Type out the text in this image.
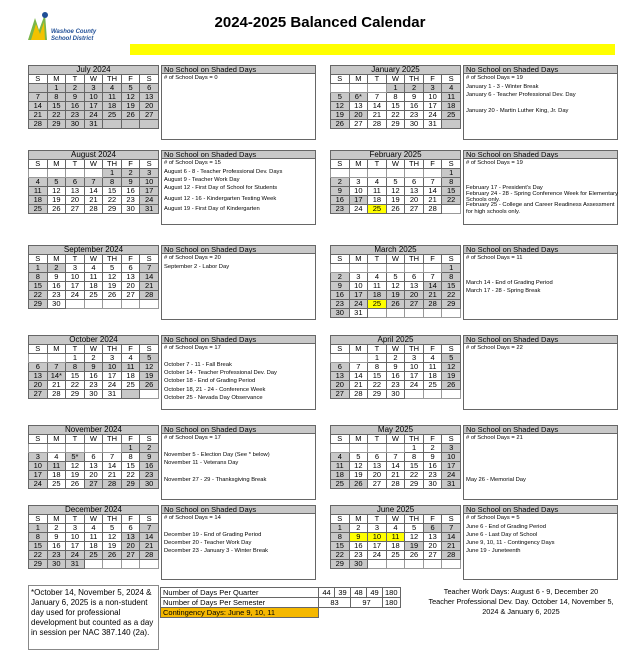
Washoe County
School District
2024-2025 Balanced Calendar
July 2024						
S	M	T	W	TH	F	S
	1	2	3	4	5	6
7	8	9	10	11	12	13
14	15	16	17	18	19	20
21	22	23	24	25	26	27
28	29	30	31			
No School on Shaded Days
# of School Days = 0
January 2025						
S	M	T	W	TH	F	S
			1	2	3	4
5	6*	7	8	9	10	11
12	13	14	15	16	17	18
19	20	21	22	23	24	25
26	27	28	29	30	31	
No School on Shaded Days
# of School Days = 19
January 1 - 3 - Winter Break
January 6 - Teacher Professional Dev. Day
January 20 - Martin Luther King, Jr. Day
August 2024						
S	M	T	W	TH	F	S
				1	2	3
4	5	6	7	8	9	10
11	12	13	14	15	16	17
18	19	20	21	22	23	24
25	26	27	28	29	30	31
No School on Shaded Days
# of School Days = 15
August 6 - 8 - Teacher Professional Dev. Days
August 9 - Teacher Work Day
August 12 - First Day of School for Students
August 12 - 16 - Kindergarten Testing Week
August 19 - First Day of Kindergarten
February 2025						
S	M	T	W	TH	F	S
						1
2	3	4	5	6	7	8
9	10	11	12	13	14	15
16	17	18	19	20	21	22
23	24	25	26	27	28	
No School on Shaded Days
# of School Days = 19
February 17 - President's Day
February 24 - 28 - Spring Conference Week for Elementary Schools only.
February 25 - College and Career Readiness Assessment for high schools only.
September 2024						
S	M	T	W	TH	F	S
1	2	3	4	5	6	7
8	9	10	11	12	13	14
15	16	17	18	19	20	21
22	23	24	25	26	27	28
29	30					
No School on Shaded Days
# of School Days = 20
September 2 - Labor Day
March 2025						
S	M	T	W	TH	F	S
						1
2	3	4	5	6	7	8
9	10	11	12	13	14	15
16	17	18	19	20	21	22
23	24	25	26	27	28	29
30	31					
No School on Shaded Days
# of School Days = 11
March 14 - End of Grading Period
March 17 - 28 - Spring Break
October 2024						
S	M	T	W	TH	F	S
		1	2	3	4	5
6	7	8	9	10	11	12
13	14*	15	16	17	18	19
20	21	22	23	24	25	26
27	28	29	30	31		
No School on Shaded Days
# of School Days = 17
October 7 - 11 - Fall Break
October 14 - Teacher Professional Dev. Day
October 18 - End of Grading Period
October 18, 21 - 24 - Conference Week
October 25 - Nevada Day Observance
April 2025						
S	M	T	W	TH	F	S
		1	2	3	4	5
6	7	8	9	10	11	12
13	14	15	16	17	18	19
20	21	22	23	24	25	26
27	28	29	30			
No School on Shaded Days
# of School Days = 22
November 2024						
S	M	T	W	TH	F	S
					1	2
3	4	5*	6	7	8	9
10	11	12	13	14	15	16
17	18	19	20	21	22	23
24	25	26	27	28	29	30
No School on Shaded Days
# of School Days = 17
November 5 - Election Day (See * below)
November 11 - Veterans Day
November 27 - 29 - Thanksgiving Break
May 2025						
S	M	T	W	TH	F	S
				1	2	3
4	5	6	7	8	9	10
11	12	13	14	15	16	17
18	19	20	21	22	23	24
25	26	27	28	29	30	31
No School on Shaded Days
# of School Days = 21
May 26 - Memorial Day
December 2024						
S	M	T	W	TH	F	S
1	2	3	4	5	6	7
8	9	10	11	12	13	14
15	16	17	18	19	20	21
22	23	24	25	26	27	28
29	30	31				
No School on Shaded Days
# of School Days = 14
December 19 - End of Grading Period
December 20 - Teacher Work Day
December 23 - January 3 - Winter Break
June 2025						
S	M	T	W	TH	F	S
1	2	3	4	5	6	7
8	9	10	11	12	13	14
15	16	17	18	19	20	21
22	23	24	25	26	27	28
29	30					
No School on Shaded Days
# of School Days = 5
June 6 - End of Grading Period
June 6 - Last Day of School
June 9, 10, 11 - Contingency Days
June 19 - Juneteenth
*October 14, November 5, 2024 & January 6, 2025 is a non-student day used for professional development but counted as a day in session per NAC 387.140 (2a).
Number of Days Per Quarter	44	39	48	49	180
Number of Days Per Semester	83		97		180
Contingency Days: June 9, 10, 11					
Teacher Work Days: August 6 - 9, December 20
Teacher Professional Dev. Day. October 14, November 5, 2024 & January 6, 2025
